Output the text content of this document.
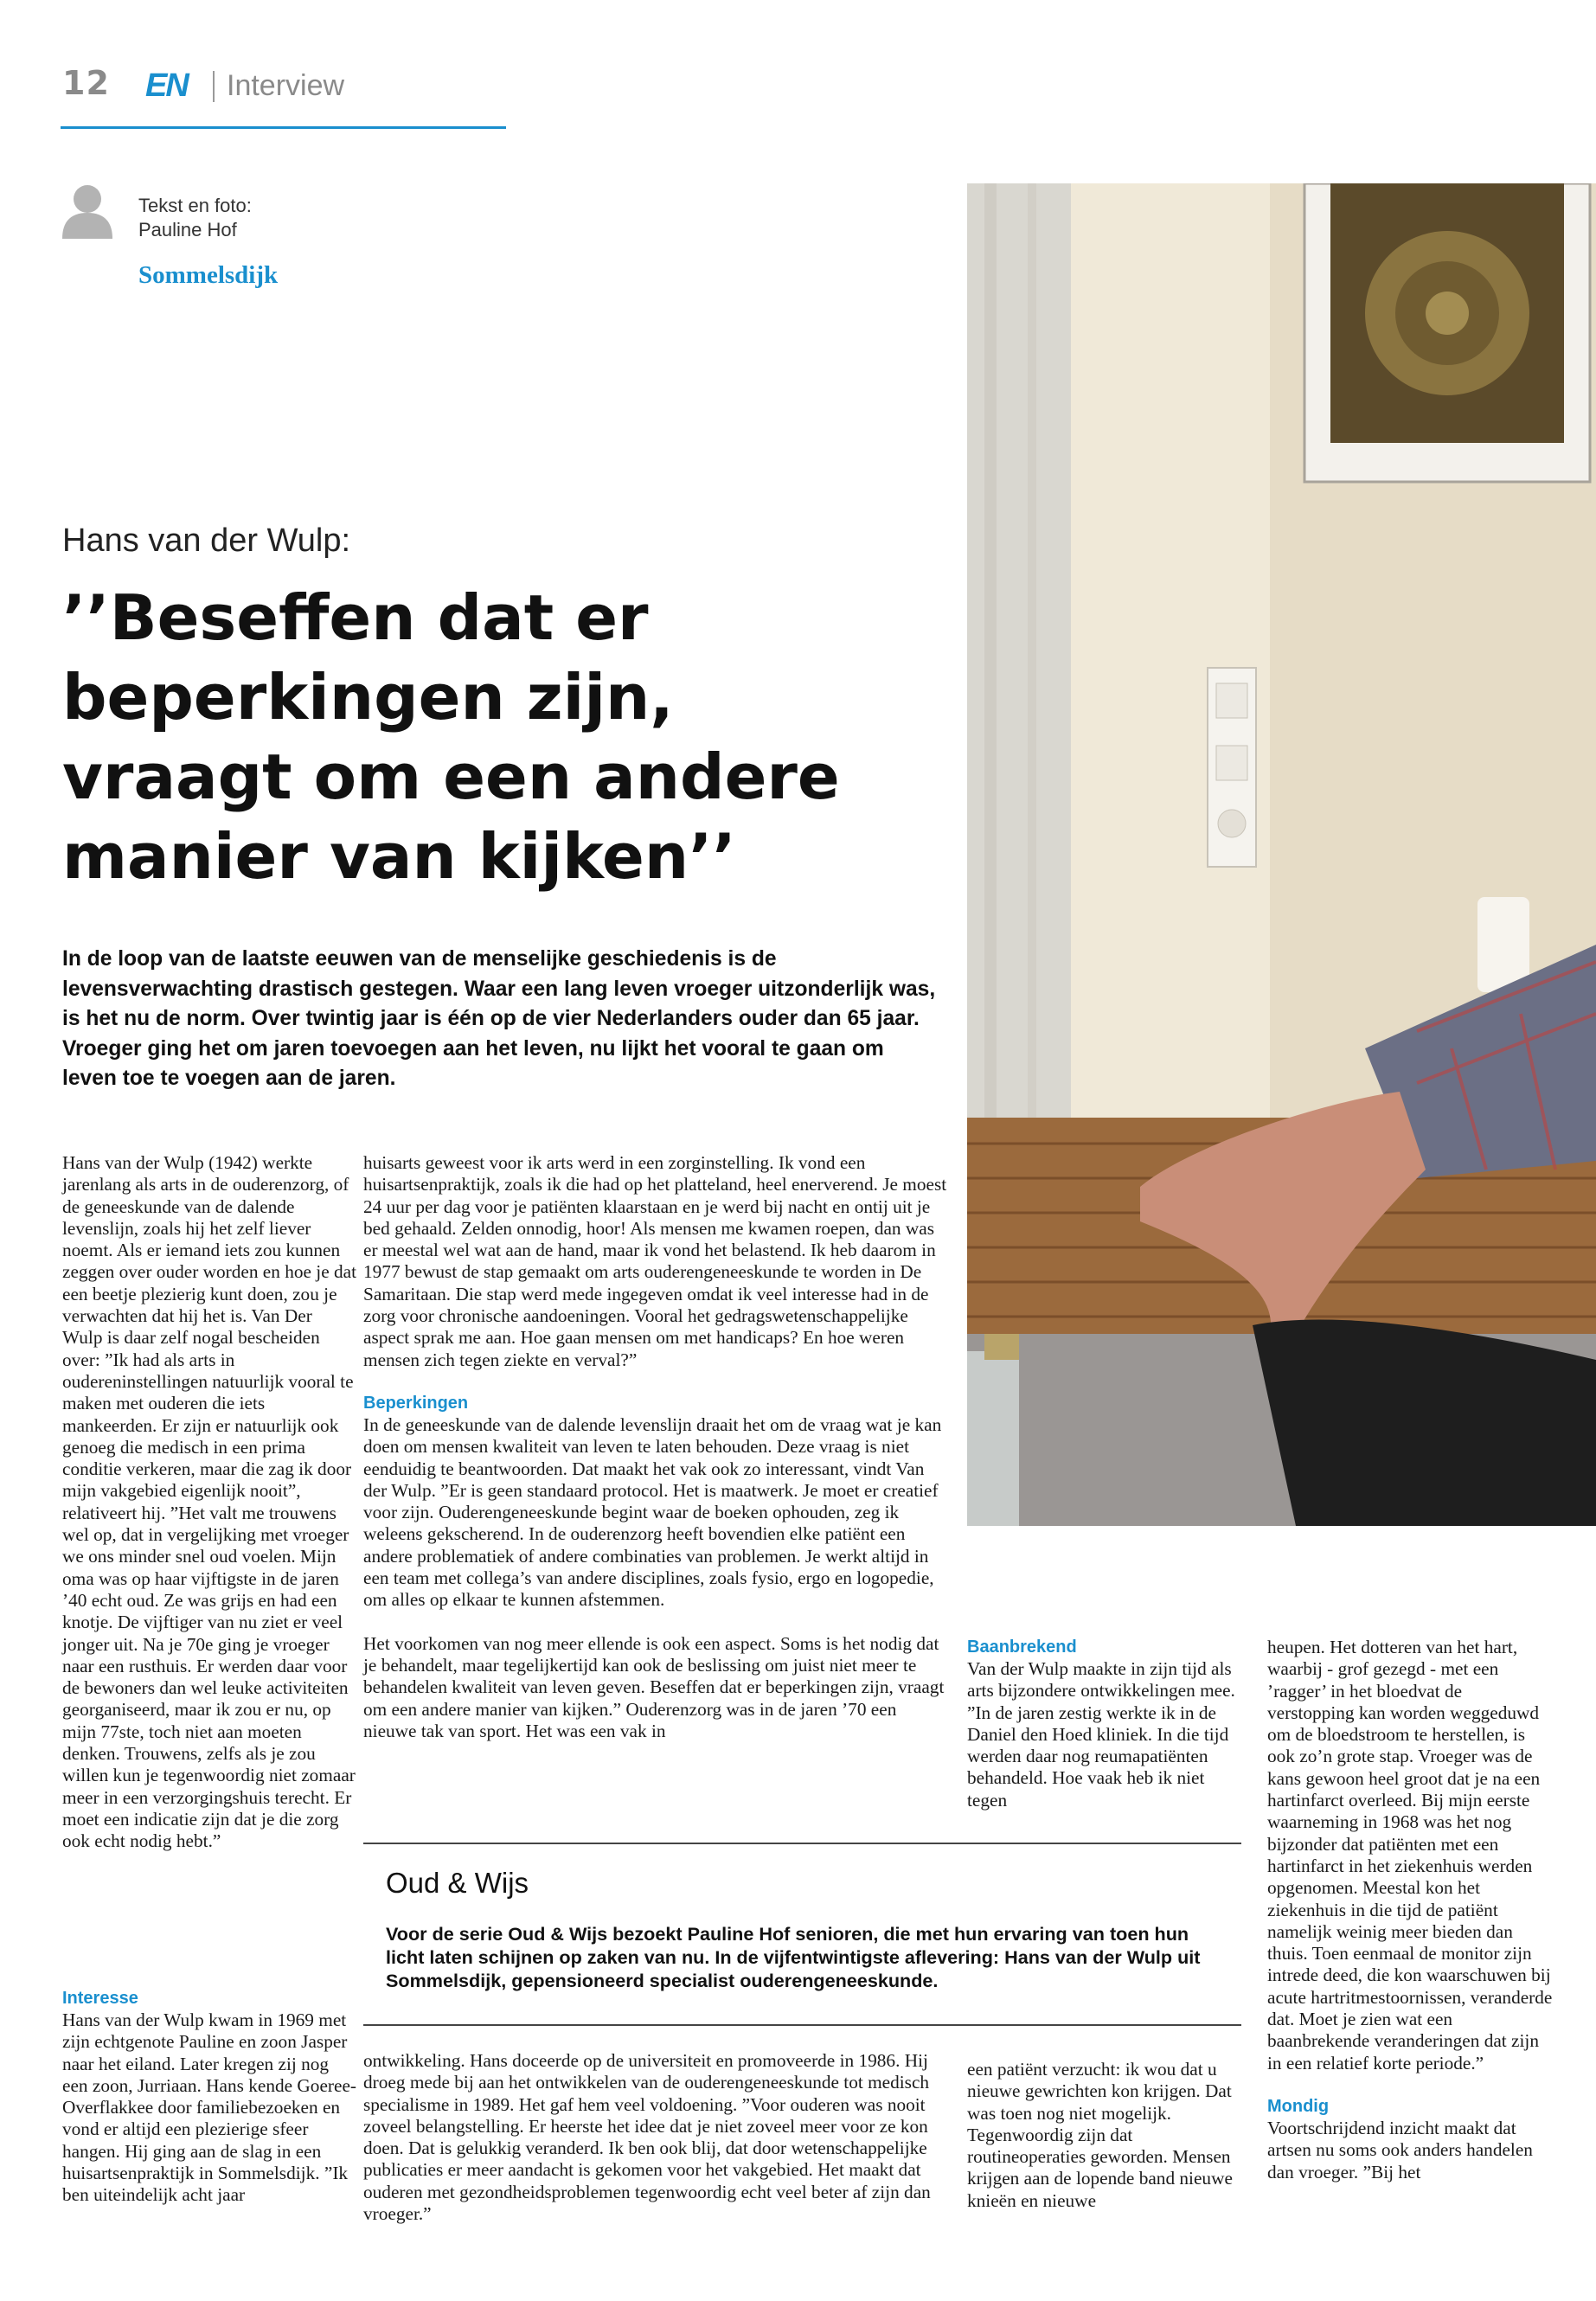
12 EN Interview
Tekst en foto:
Pauline Hof
Sommelsdijk
Hans van der Wulp:
’’Beseffen dat er
beperkingen zijn,
vraagt om een andere
manier van kijken’’
In de loop van de laatste eeuwen van de menselijke geschiedenis is de levensverwachting drastisch gestegen. Waar een lang leven vroeger uitzonderlijk was, is het nu de norm. Over twintig jaar is één op de vier Nederlanders ouder dan 65 jaar. Vroeger ging het om jaren toevoegen aan het leven, nu lijkt het vooral te gaan om leven toe te voegen aan de jaren.
Hans van der Wulp (1942) werkte jarenlang als arts in de ouderenzorg, of de geneeskunde van de dalende levenslijn, zoals hij het zelf liever noemt. Als er iemand iets zou kunnen zeggen over ouder worden en hoe je dat een beetje plezierig kunt doen, zou je verwachten dat hij het is. Van Der Wulp is daar zelf nogal bescheiden over: ”Ik had als arts in oudereninstellingen natuurlijk vooral te maken met ouderen die iets mankeerden. Er zijn er natuurlijk ook genoeg die medisch in een prima conditie verkeren, maar die zag ik door mijn vakgebied eigenlijk nooit”, relativeert hij. ”Het valt me trouwens wel op, dat in vergelijking met vroeger we ons minder snel oud voelen. Mijn oma was op haar vijftigste in de jaren ’40 echt oud. Ze was grijs en had een knotje. De vijftiger van nu ziet er veel jonger uit. Na je 70e ging je vroeger naar een rusthuis. Er werden daar voor de bewoners dan wel leuke activiteiten georganiseerd, maar ik zou er nu, op mijn 77ste, toch niet aan moeten denken. Trouwens, zelfs als je zou willen kun je tegenwoordig niet zomaar meer in een verzorgingshuis terecht. Er moet een indicatie zijn dat je die zorg ook echt nodig hebt.”
Interesse
Hans van der Wulp kwam in 1969 met zijn echtgenote Pauline en zoon Jasper naar het eiland. Later kregen zij nog een zoon, Jurriaan. Hans kende Goeree-Overflakkee door familiebezoeken en vond er altijd een plezierige sfeer hangen. Hij ging aan de slag in een huisartsenpraktijk in Sommelsdijk. ”Ik ben uiteindelijk acht jaar

huisarts geweest voor ik arts werd in een zorginstelling. Ik vond een huisartsenpraktijk, zoals ik die had op het platteland, heel enerverend. Je moest 24 uur per dag voor je patiënten klaarstaan en je werd bij nacht en ontij uit je bed gehaald. Zelden onnodig, hoor! Als mensen me kwamen roepen, dan was er meestal wel wat aan de hand, maar ik vond het belastend. Ik heb daarom in 1977 bewust de stap gemaakt om arts ouderengeneeskunde te worden in De Samaritaan. Die stap werd mede ingegeven omdat ik veel interesse had in de zorg voor chronische aandoeningen. Vooral het gedragswetenschappelijke aspect sprak me aan. Hoe gaan mensen om met handicaps? En hoe weren mensen zich tegen ziekte en verval?”

Beperkingen

In de geneeskunde van de dalende levenslijn draait het om de vraag wat je kan doen om mensen kwaliteit van leven te laten behouden. Deze vraag is niet eenduidig te beantwoorden. Dat maakt het vak ook zo interessant, vindt Van der Wulp. ”Er is geen standaard protocol. Het is maatwerk. Je moet er creatief voor zijn. Ouderengeneeskunde begint waar de boeken ophouden, zeg ik weleens gekscherend. In de ouderenzorg heeft bovendien elke patiënt een andere problematiek of andere combinaties van problemen. Je werkt altijd in een team met collega’s van andere disciplines, zoals fysio, ergo en logopedie, om alles op elkaar te kunnen afstemmen.

Het voorkomen van nog meer ellende is ook een aspect. Soms is het nodig dat je behandelt, maar tegelijkertijd kan ook de beslissing om juist niet meer te behandelen kwaliteit van leven geven. Beseffen dat er beperkingen zijn, vraagt om een andere manier van kijken.” Ouderenzorg was in de jaren ’70 een nieuwe tak van sport. Het was een vak in

Oud & Wijs
Voor de serie Oud & Wijs bezoekt Pauline Hof senioren, die met hun ervaring van toen hun licht laten schijnen op zaken van nu. In de vijfentwintigste aflevering: Hans van der Wulp uit Sommelsdijk, gepensioneerd specialist ouderengeneeskunde.
ontwikkeling. Hans doceerde op de universiteit en promoveerde in 1986. Hij droeg mede bij aan het ontwikkelen van de ouderengeneeskunde tot medisch specialisme in 1989. Het gaf hem veel voldoening. ”Voor ouderen was nooit zoveel belangstelling. Er heerste het idee dat je niet zoveel meer voor ze kon doen. Dat is gelukkig veranderd. Ik ben ook blij, dat door wetenschappelijke publicaties er meer aandacht is gekomen voor het vakgebied. Het maakt dat ouderen met gezondheidsproblemen tegenwoordig echt veel beter af zijn dan vroeger.”
Baanbrekend
Van der Wulp maakte in zijn tijd als arts bijzondere ontwikkelingen mee. ”In de jaren zestig werkte ik in de Daniel den Hoed kliniek. In die tijd werden daar nog reumapatiënten behandeld. Hoe vaak heb ik niet tegen
een patiënt verzucht: ik wou dat u nieuwe gewrichten kon krijgen. Dat was toen nog niet mogelijk. Tegenwoordig zijn dat routineoperaties geworden. Mensen krijgen aan de lopende band nieuwe knieën en nieuwe

heupen. Het dotteren van het hart, waarbij - grof gezegd - met een ’ragger’ in het bloedvat de verstopping kan worden weggeduwd om de bloedstroom te herstellen, is ook zo’n grote stap. Vroeger was de kans gewoon heel groot dat je na een hartinfarct overleed. Bij mijn eerste waarneming in 1968 was het nog bijzonder dat patiënten met een hartinfarct in het ziekenhuis werden opgenomen. Meestal kon het ziekenhuis in die tijd de patiënt namelijk weinig meer bieden dan thuis. Toen eenmaal de monitor zijn intrede deed, die kon waarschuwen bij acute hartritmestoornissen, veranderde dat. Moet je zien wat een baanbrekende veranderingen dat zijn in een relatief korte periode.”

Mondig
Voortschrijdend inzicht maakt dat artsen nu soms ook anders handelen dan vroeger. ”Bij het
